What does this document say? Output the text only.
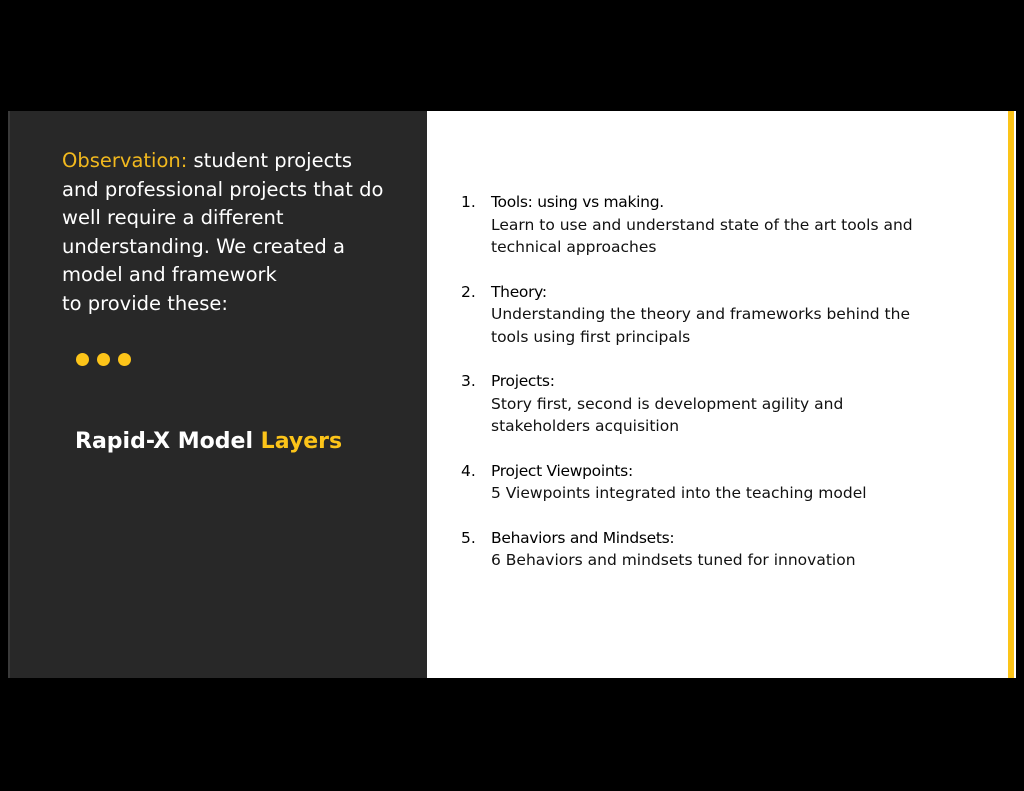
Observation: student projects and professional projects that do well require a different understanding. We created a model and framework
to provide these:

Rapid-X Model Layers
1. Tools: using vs making.
Learn to use and understand state of the art tools and technical approaches
2. Theory:
Understanding the theory and frameworks behind the tools using first principals
3. Projects:
Story first, second is development agility and stakeholders acquisition
4. Project Viewpoints:
5 Viewpoints integrated into the teaching model
5. Behaviors and Mindsets:
6 Behaviors and mindsets tuned for innovation
